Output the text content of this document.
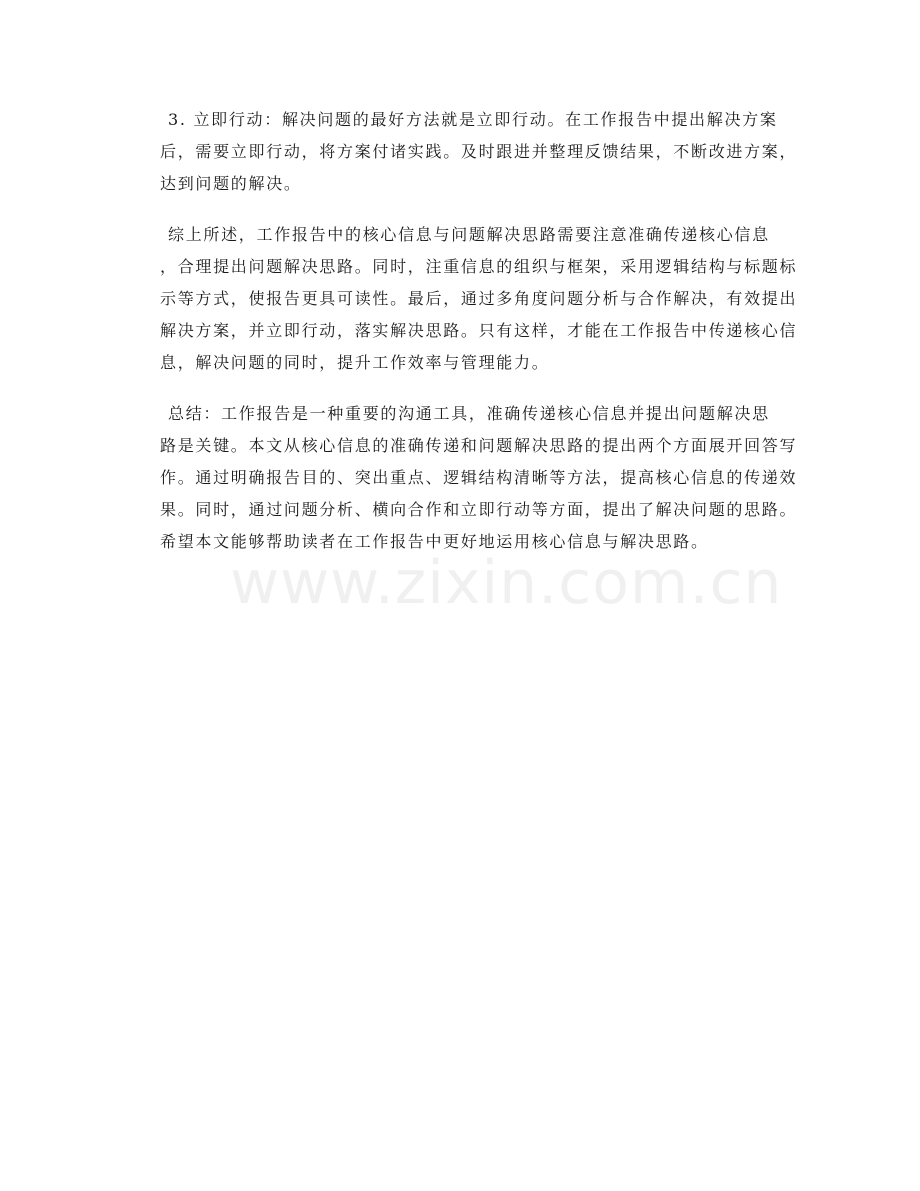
3. 立即行动：解决问题的最好方法就是立即行动。在工作报告中提出解决方案
后，需要立即行动，将方案付诸实践。及时跟进并整理反馈结果，不断改进方案，
达到问题的解决。

综上所述，工作报告中的核心信息与问题解决思路需要注意准确传递核心信息
，合理提出问题解决思路。同时，注重信息的组织与框架，采用逻辑结构与标题标
示等方式，使报告更具可读性。最后，通过多角度问题分析与合作解决，有效提出
解决方案，并立即行动，落实解决思路。只有这样，才能在工作报告中传递核心信
息，解决问题的同时，提升工作效率与管理能力。

总结：工作报告是一种重要的沟通工具，准确传递核心信息并提出问题解决思
路是关键。本文从核心信息的准确传递和问题解决思路的提出两个方面展开回答写
作。通过明确报告目的、突出重点、逻辑结构清晰等方法，提高核心信息的传递效
果。同时，通过问题分析、横向合作和立即行动等方面，提出了解决问题的思路。
希望本文能够帮助读者在工作报告中更好地运用核心信息与解决思路。

www.zixin.com.cn
